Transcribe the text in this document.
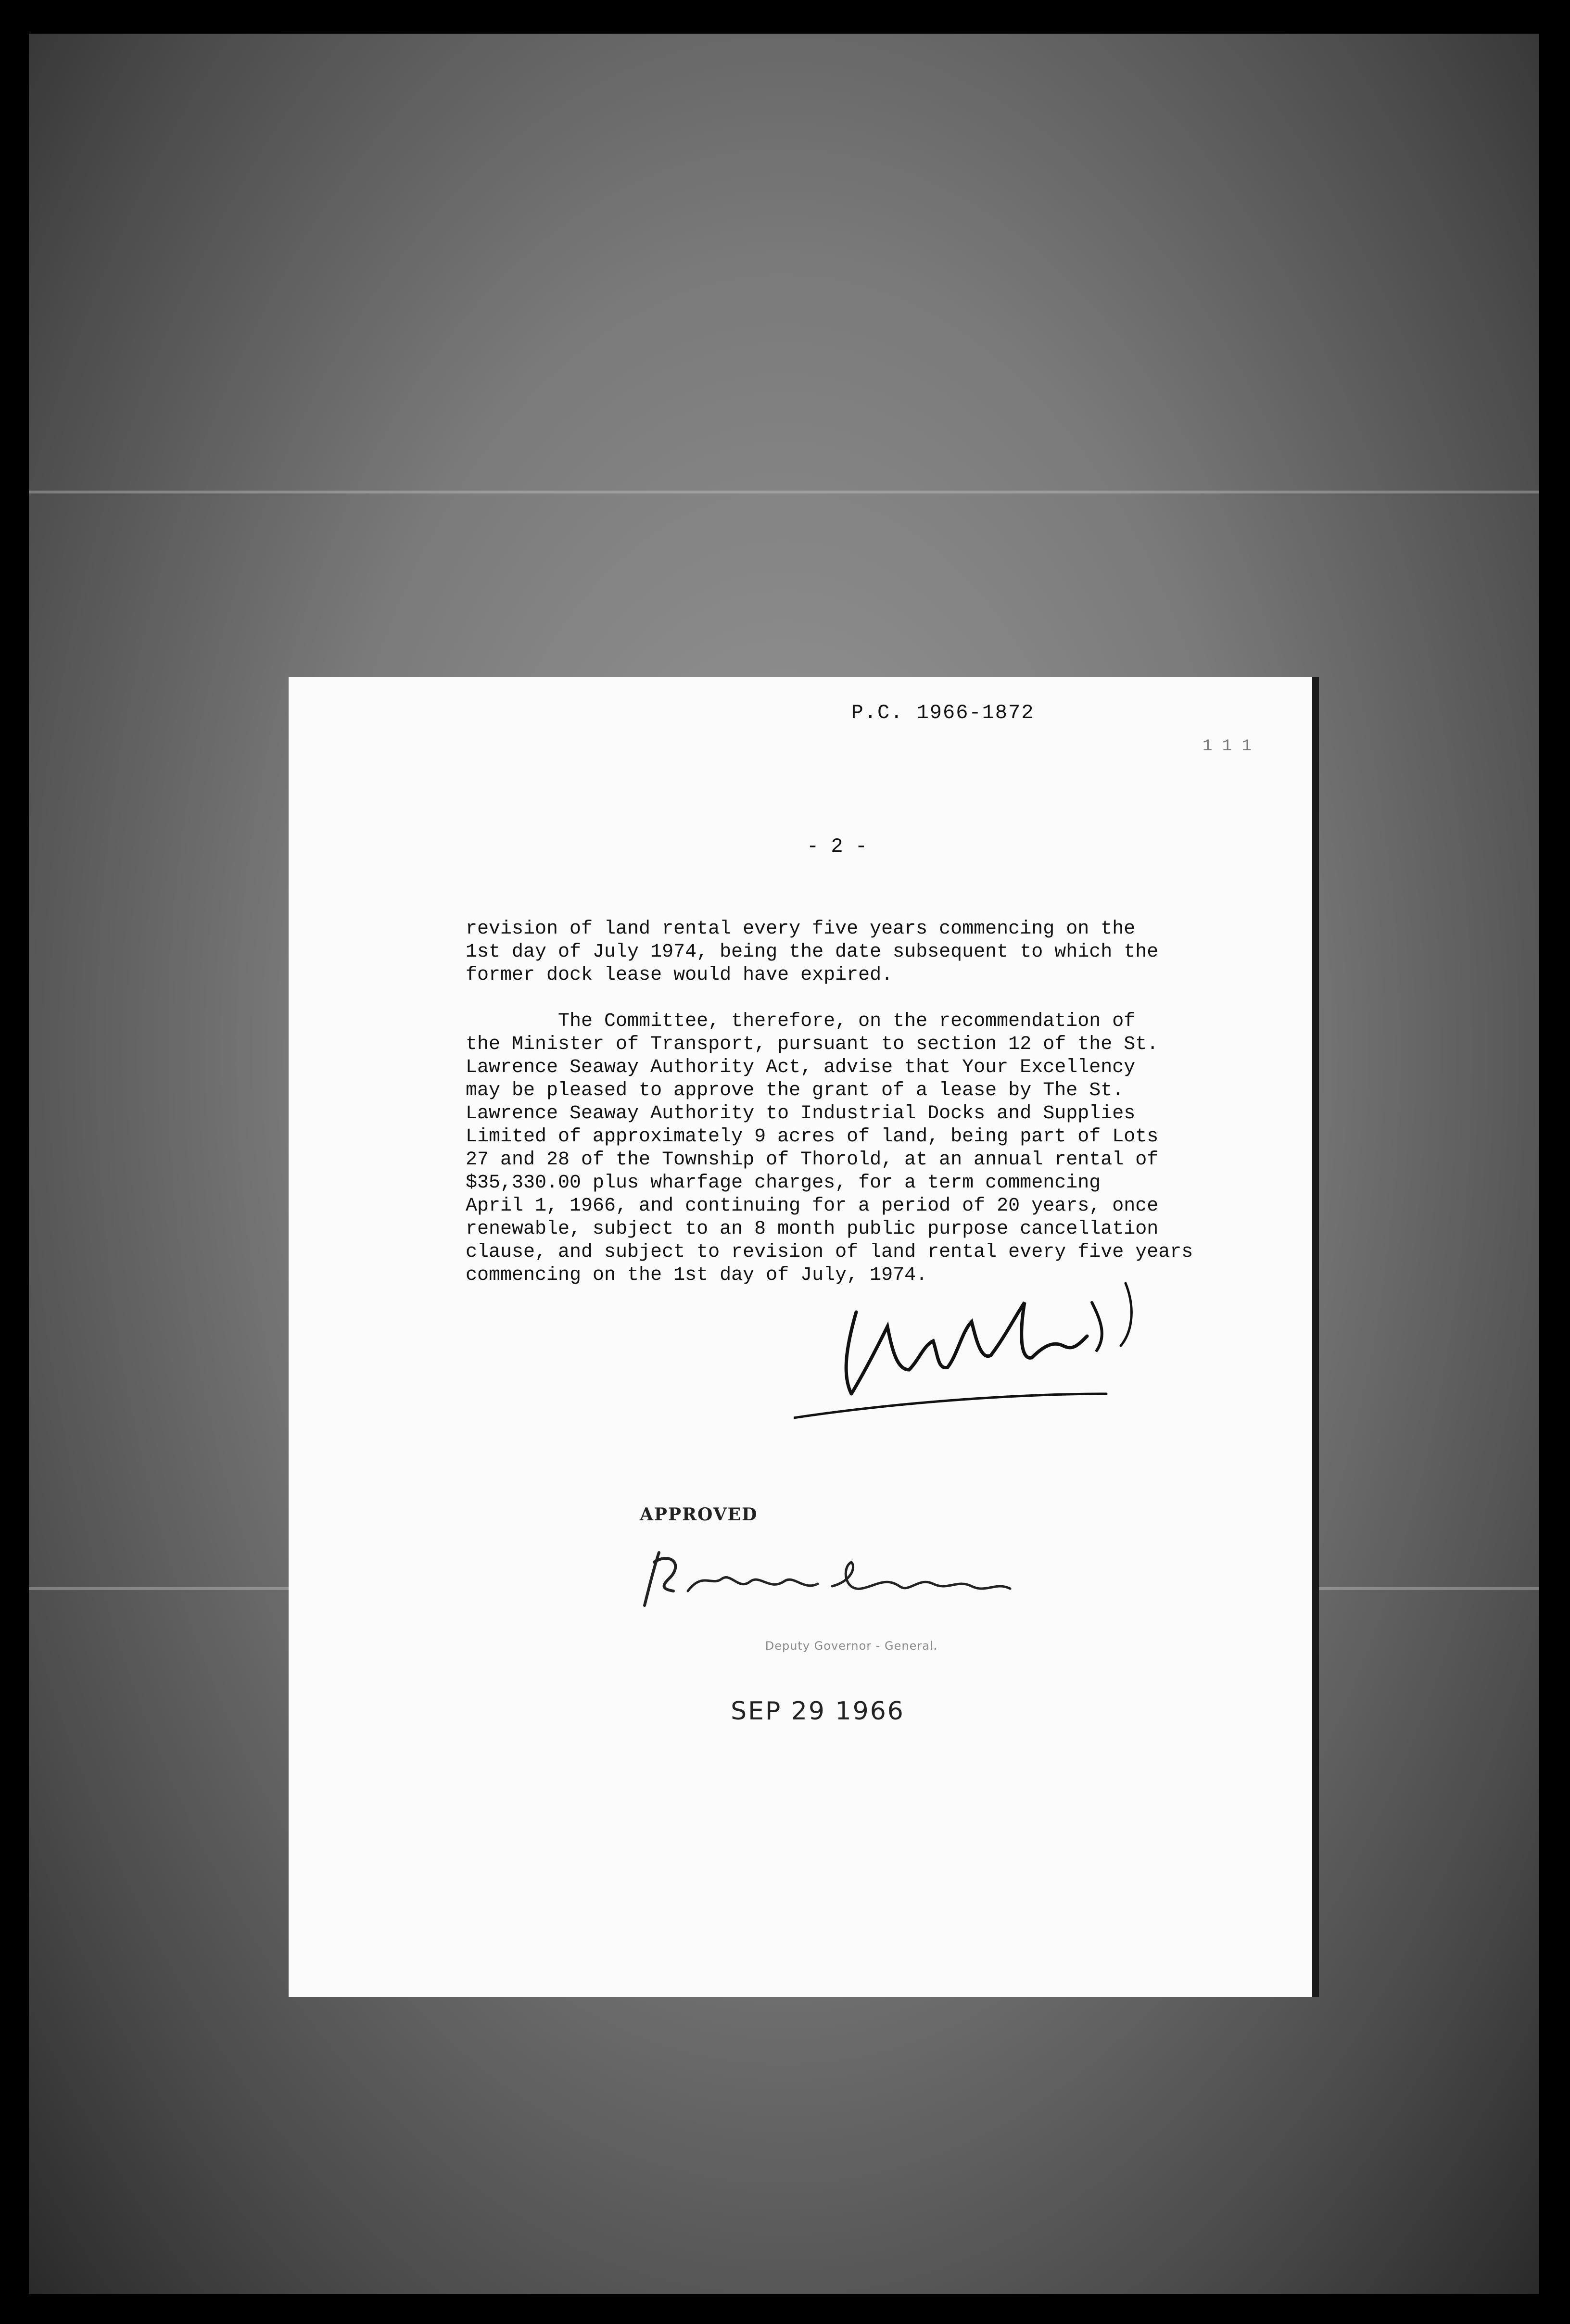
P.C. 1966-1872
1 1 1
- 2 -

revision of land rental every five years commencing on the

1st day of July 1974, being the date subsequent to which the

former dock lease would have expired.

The Committee, therefore, on the recommendation of

the Minister of Transport, pursuant to section 12 of the St.

Lawrence Seaway Authority Act, advise that Your Excellency

may be pleased to approve the grant of a lease by The St.

Lawrence Seaway Authority to Industrial Docks and Supplies

Limited of approximately 9 acres of land, being part of Lots

27 and 28 of the Township of Thorold, at an annual rental of

$35,330.00 plus wharfage charges, for a term commencing

April 1, 1966, and continuing for a period of 20 years, once

renewable, subject to an 8 month public purpose cancellation

clause, and subject to revision of land rental every five years

commencing on the 1st day of July, 1974.

APPROVED
Deputy Governor - General.
SEP 29 1966
